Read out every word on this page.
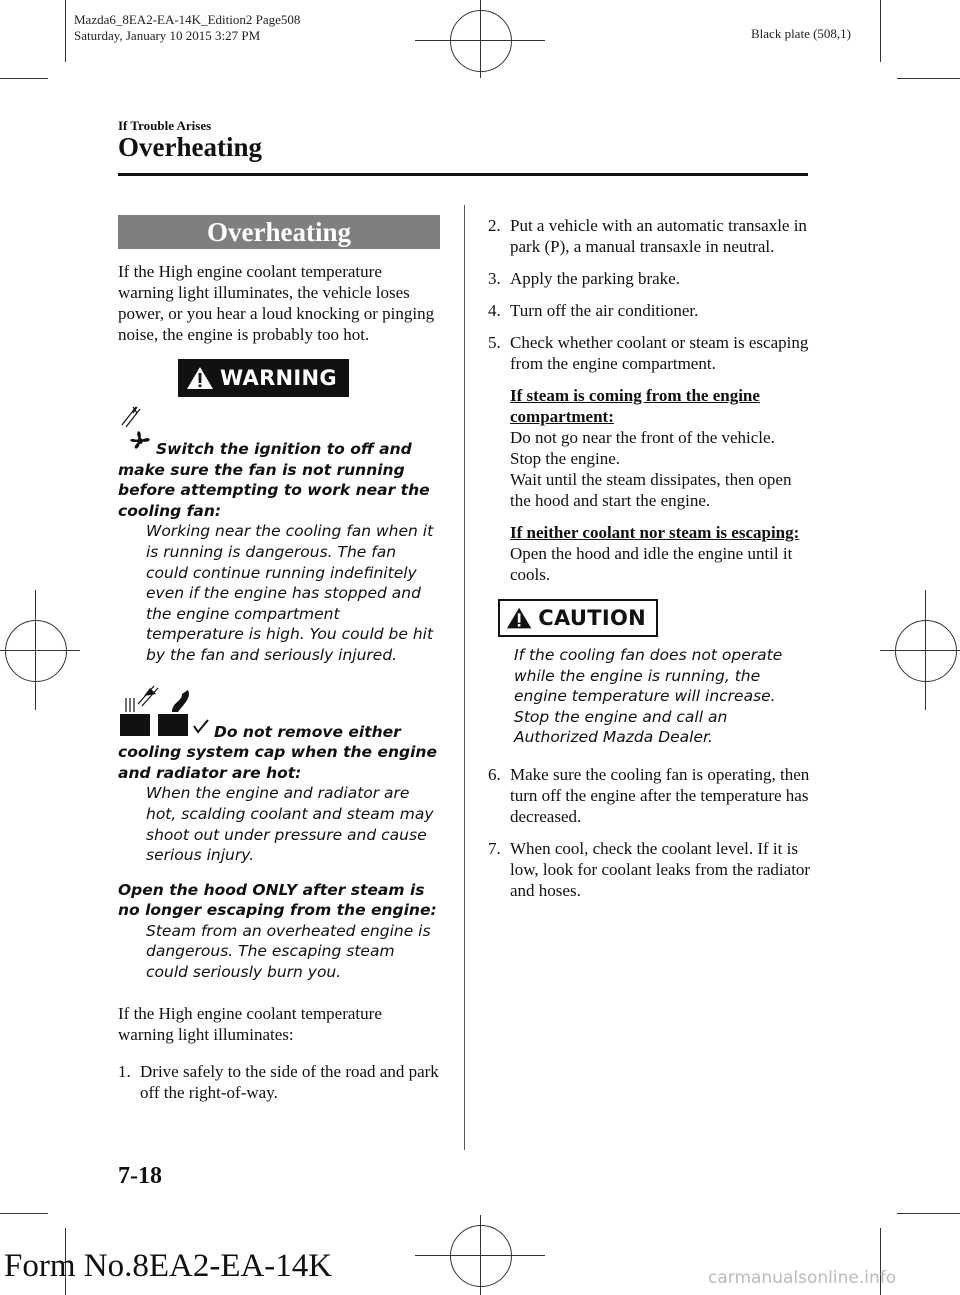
Mazda6_8EA2-EA-14K_Edition2 Page508
Saturday, January 10 2015 3:27 PM	Black plate (508,1)
If Trouble Arises
Overheating
Overheating

If the High engine coolant temperature warning light illuminates, the vehicle loses power, or you hear a loud knocking or pinging noise, the engine is probably too hot.

WARNING
Switch the ignition to off and make sure the fan is not running before attempting to work near the cooling fan:
Working near the cooling fan when it is running is dangerous. The fan could continue running indefinitely even if the engine has stopped and the engine compartment temperature is high. You could be hit by the fan and seriously injured.
Do not remove either cooling system cap when the engine and radiator are hot:
When the engine and radiator are hot, scalding coolant and steam may shoot out under pressure and cause serious injury.
Open the hood ONLY after steam is no longer escaping from the engine:
Steam from an overheated engine is dangerous. The escaping steam could seriously burn you.

If the High engine coolant temperature warning light illuminates:

1. Drive safely to the side of the road and park off the right-of-way.
2. Put a vehicle with an automatic transaxle in park (P), a manual transaxle in neutral.
3. Apply the parking brake.
4. Turn off the air conditioner.
5. Check whether coolant or steam is escaping from the engine compartment.
If steam is coming from the engine compartment:
Do not go near the front of the vehicle.
Stop the engine.
Wait until the steam dissipates, then open the hood and start the engine.
If neither coolant nor steam is escaping:
Open the hood and idle the engine until it cools.
CAUTION
If the cooling fan does not operate while the engine is running, the engine temperature will increase. Stop the engine and call an Authorized Mazda Dealer.
6. Make sure the cooling fan is operating, then turn off the engine after the temperature has decreased.
7. When cool, check the coolant level. If it is low, look for coolant leaks from the radiator and hoses.
7-18
Form No.8EA2-EA-14K	carmanualsonline.info
